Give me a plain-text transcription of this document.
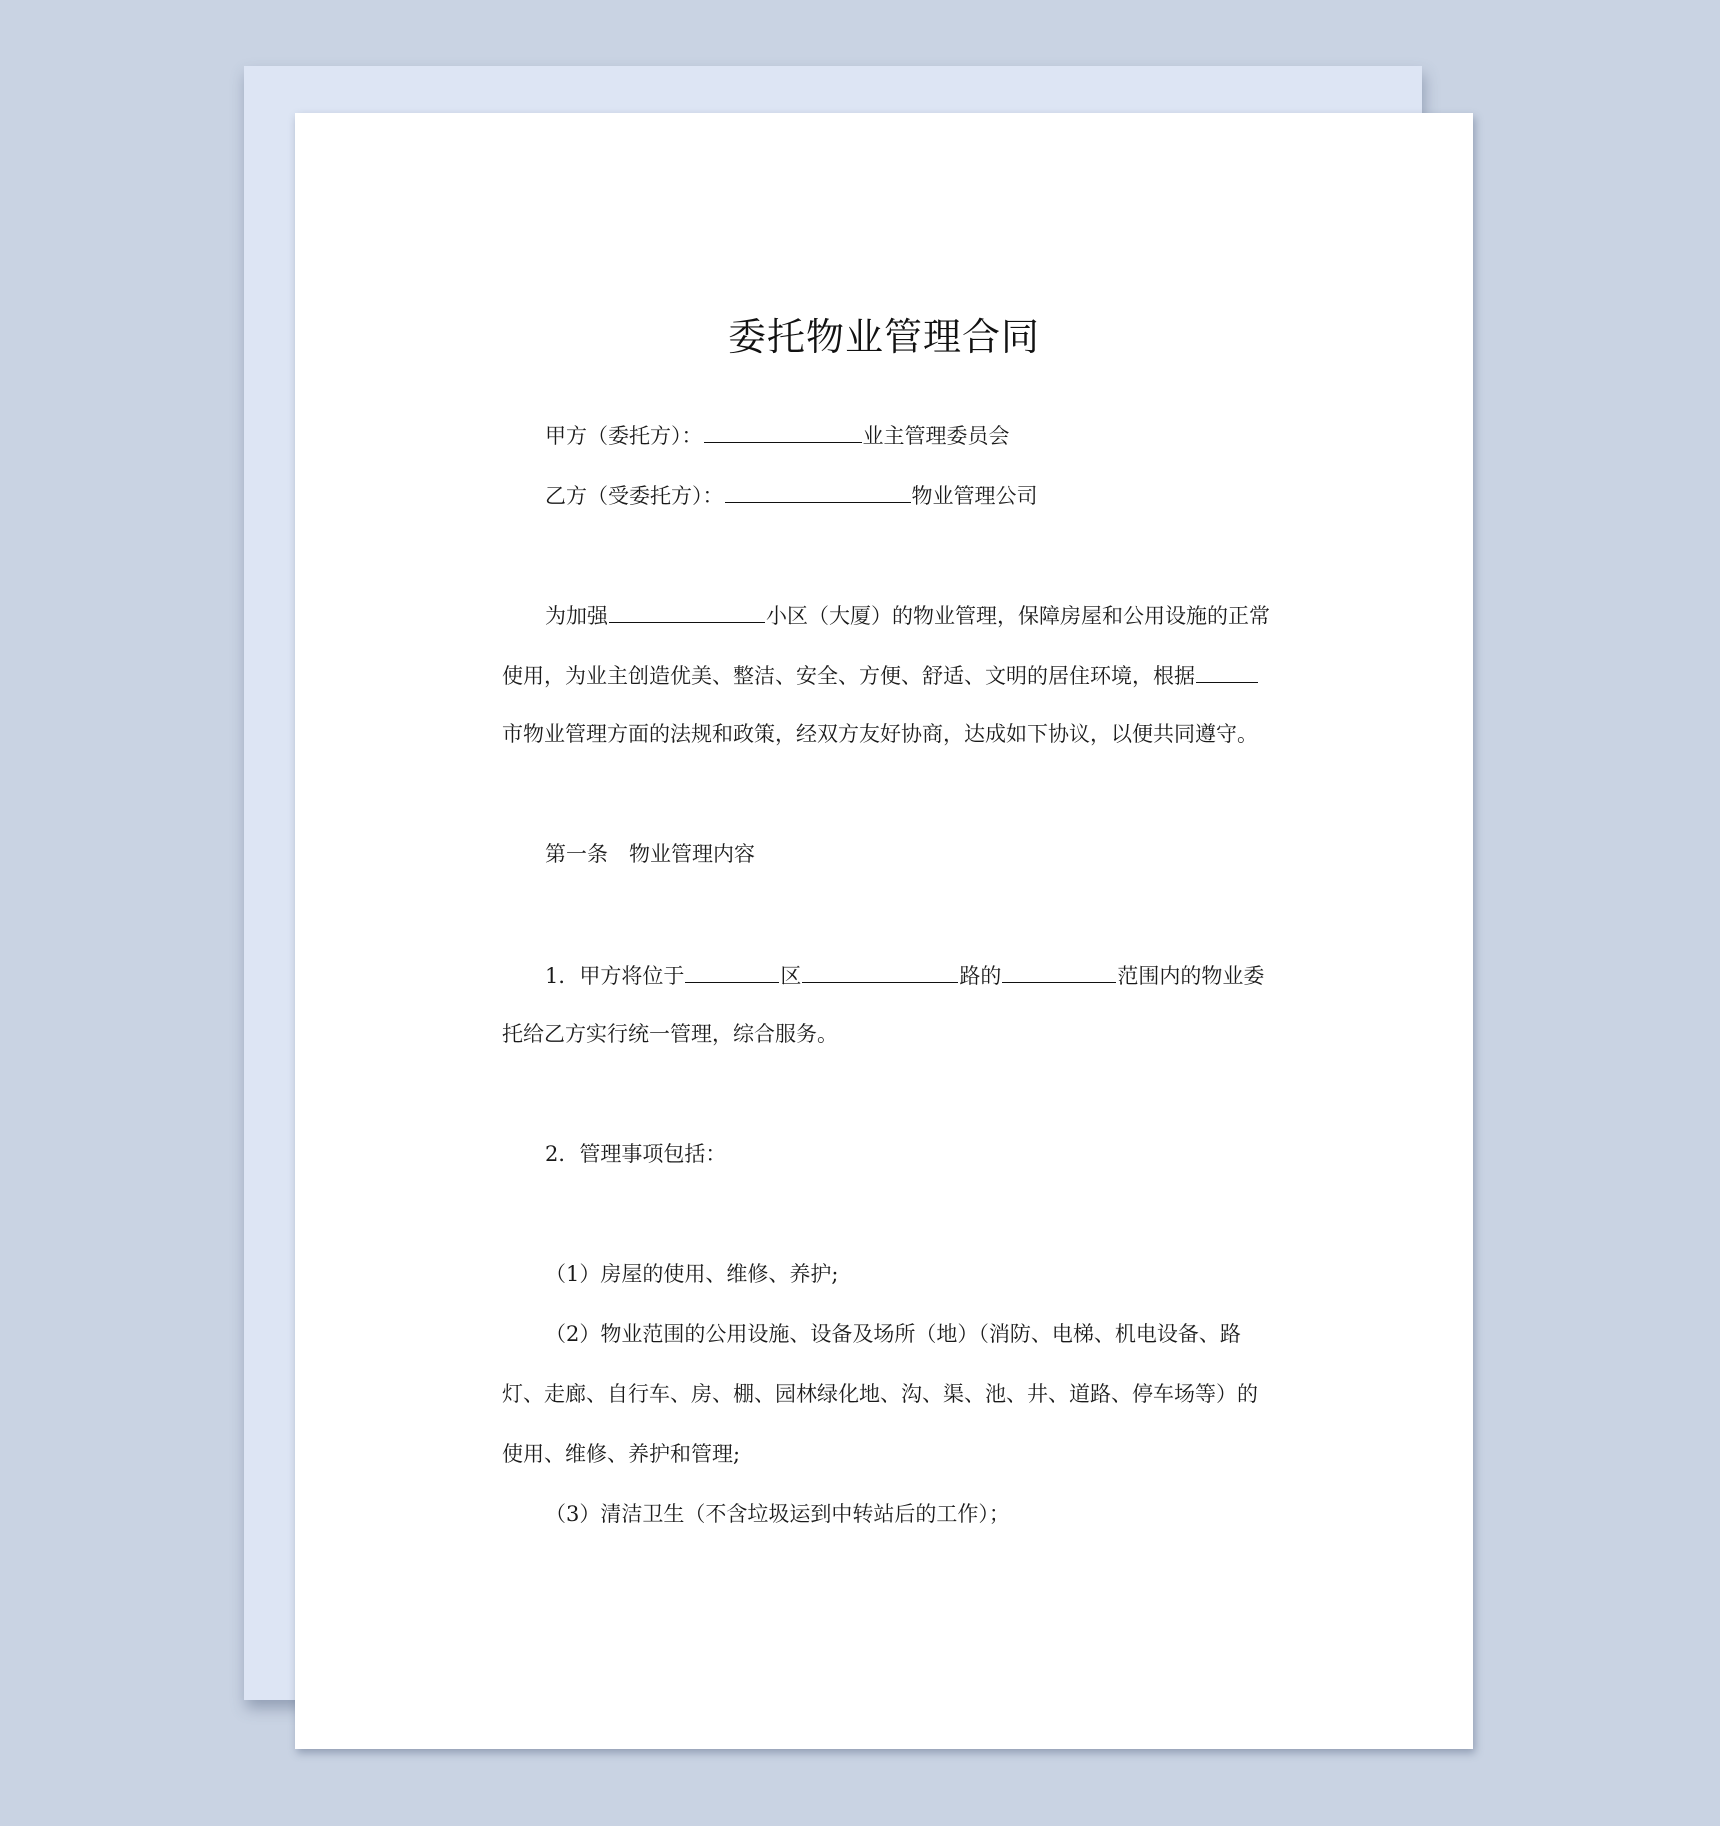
委托物业管理合同
甲方（委托方）：	业主管理委员会
乙方（受委托方）：	物业管理公司
为加强	小区（大厦）的物业管理，保障房屋和公用设施的正常
使用，为业主创造优美、整洁、安全、方便、舒适、文明的居住环境，根据
市物业管理方面的法规和政策，经双方友好协商，达成如下协议，以便共同遵守。
第一条　物业管理内容
1．甲方将位于	区	路的	范围内的物业委
托给乙方实行统一管理，综合服务。
2．管理事项包括：
（1）房屋的使用、维修、养护;
（2）物业范围的公用设施、设备及场所（地）（消防、电梯、机电设备、路
灯、走廊、自行车、房、棚、园林绿化地、沟、渠、池、井、道路、停车场等）的
使用、维修、养护和管理;
（3）清洁卫生（不含垃圾运到中转站后的工作）；
